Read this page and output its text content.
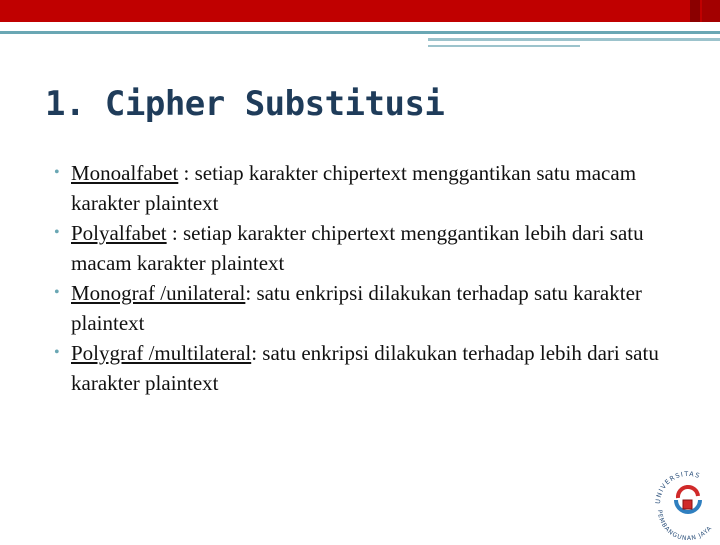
1. Cipher Substitusi
• Monoalfabet : setiap karakter chipertext menggantikan satu macam karakter plaintext
• Polyalfabet : setiap karakter chipertext menggantikan lebih dari satu macam karakter plaintext
• Monograf /unilateral: satu enkripsi dilakukan terhadap satu karakter plaintext
• Polygraf /multilateral: satu enkripsi dilakukan terhadap lebih dari satu karakter plaintext
UNIVERSITAS
PEMBANGUNAN JAYA
